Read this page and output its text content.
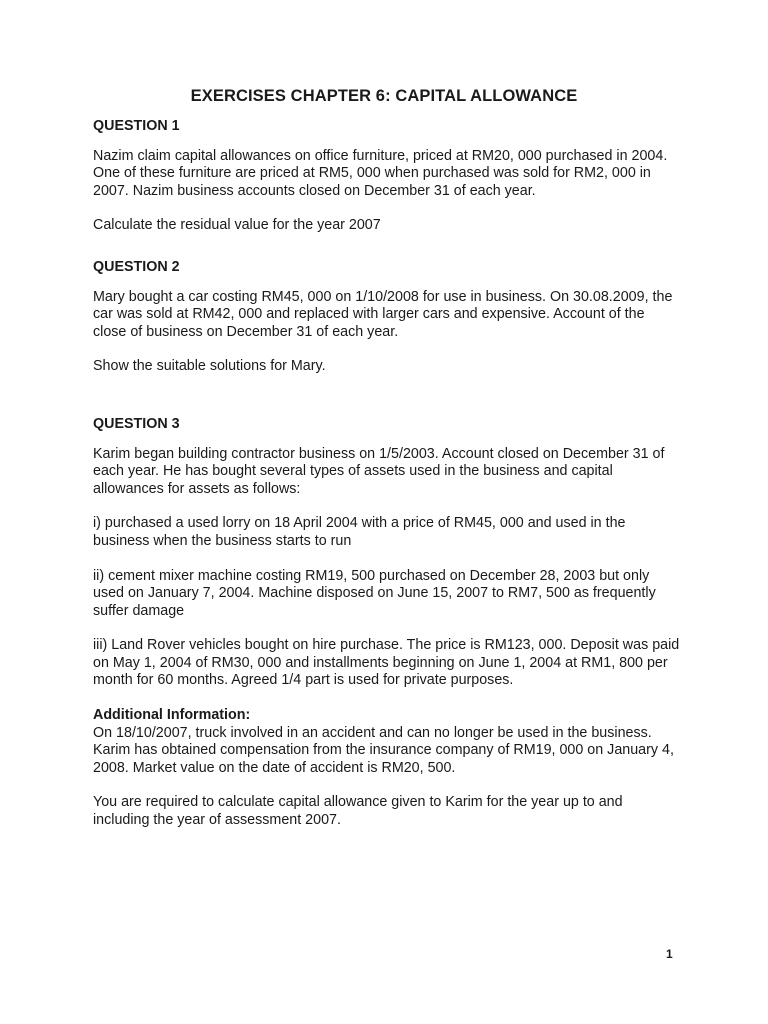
EXERCISES CHAPTER 6: CAPITAL ALLOWANCE
QUESTION 1

Nazim claim capital allowances on office furniture, priced at RM20, 000 purchased in 2004.
One of these furniture are priced at RM5, 000 when purchased was sold for RM2, 000 in
2007. Nazim business accounts closed on December 31 of each year.

Calculate the residual value for the year 2007

QUESTION 2

Mary bought a car costing RM45, 000 on 1/10/2008 for use in business. On 30.08.2009, the
car was sold at RM42, 000 and replaced with larger cars and expensive. Account of the
close of business on December 31 of each year.

Show the suitable solutions for Mary.

QUESTION 3

Karim began building contractor business on 1/5/2003. Account closed on December 31 of
each year. He has bought several types of assets used in the business and capital
allowances for assets as follows:

i) purchased a used lorry on 18 April 2004 with a price of RM45, 000 and used in the
business when the business starts to run

ii) cement mixer machine costing RM19, 500 purchased on December 28, 2003 but only
used on January 7, 2004. Machine disposed on June 15, 2007 to RM7, 500 as frequently
suffer damage

iii) Land Rover vehicles bought on hire purchase. The price is RM123, 000. Deposit was paid
on May 1, 2004 of RM30, 000 and installments beginning on June 1, 2004 at RM1, 800 per
month for 60 months. Agreed 1/4 part is used for private purposes.

Additional Information:
On 18/10/2007, truck involved in an accident and can no longer be used in the business.
Karim has obtained compensation from the insurance company of RM19, 000 on January 4,
2008. Market value on the date of accident is RM20, 500.

You are required to calculate capital allowance given to Karim for the year up to and
including the year of assessment 2007.

1
